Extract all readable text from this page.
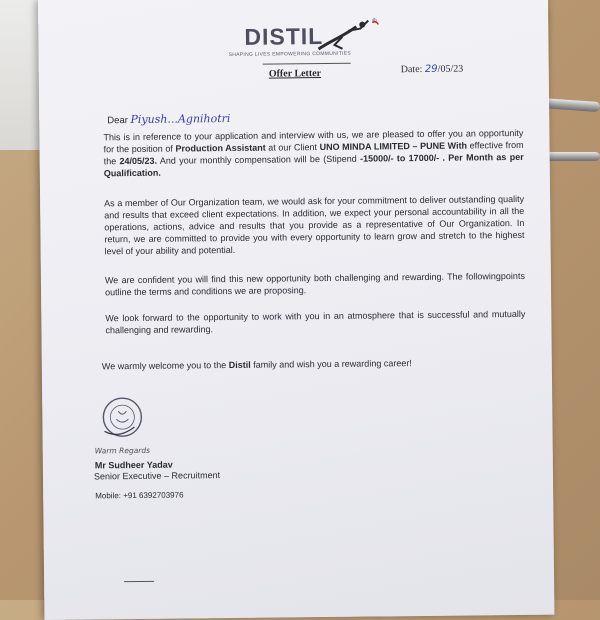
DISTIL
®
SHAPING LIVES EMPOWERING COMMUNITIES
Offer Letter	Date: 29/05/23
Dear Piyush...Agnihotri

This is in reference to your application and interview with us, we are pleased to offer you an opportunity for the position of Production Assistant at our Client UNO MINDA LIMITED – PUNE With effective from the 24/05/23. And your monthly compensation will be (Stipend -15000/- to 17000/- . Per Month as per Qualification.

As a member of Our Organization team, we would ask for your commitment to deliver outstanding quality and results that exceed client expectations. In addition, we expect your personal accountability in all the operations, actions, advice and results that you provide as a representative of Our Organization. In return, we are committed to provide you with every opportunity to learn grow and stretch to the highest level of your ability and potential.

We are confident you will find this new opportunity both challenging and rewarding. The followingpoints outline the terms and conditions we are proposing.

We look forward to the opportunity to work with you in an atmosphere that is successful and mutually challenging and rewarding.

We warmly welcome you to the Distil family and wish you a rewarding career!

Warm Regards
Mr Sudheer Yadav
Senior Executive – Recruitment
Mobile: +91 6392703976
